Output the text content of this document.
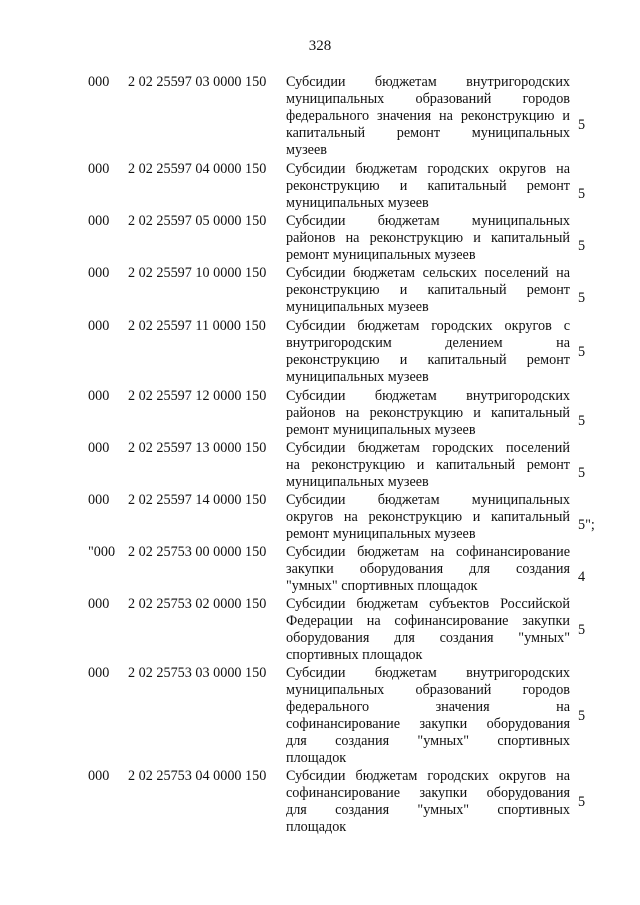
328
000 2 02 25597 03 0000 150 Субсидии бюджетам внутригородских
муниципальных образований городов
федерального значения на реконструкцию и
капитальный ремонт муниципальных
музеев
5
000 2 02 25597 04 0000 150 Субсидии бюджетам городских округов на
реконструкцию и капитальный ремонт
муниципальных музеев
5
000 2 02 25597 05 0000 150 Субсидии бюджетам муниципальных
районов на реконструкцию и капитальный
ремонт муниципальных музеев
5
000 2 02 25597 10 0000 150 Субсидии бюджетам сельских поселений на
реконструкцию и капитальный ремонт
муниципальных музеев
5
000 2 02 25597 11 0000 150 Субсидии бюджетам городских округов с
внутригородским делением на
реконструкцию и капитальный ремонт
муниципальных музеев
5
000 2 02 25597 12 0000 150 Субсидии бюджетам внутригородских
районов на реконструкцию и капитальный
ремонт муниципальных музеев
5
000 2 02 25597 13 0000 150 Субсидии бюджетам городских поселений
на реконструкцию и капитальный ремонт
муниципальных музеев
5
000 2 02 25597 14 0000 150 Субсидии бюджетам муниципальных
округов на реконструкцию и капитальный
ремонт муниципальных музеев
5";
"000 2 02 25753 00 0000 150 Субсидии бюджетам на софинансирование
закупки оборудования для создания
"умных" спортивных площадок
4
000 2 02 25753 02 0000 150 Субсидии бюджетам субъектов Российской
Федерации на софинансирование закупки
оборудования для создания "умных"
спортивных площадок
5
000 2 02 25753 03 0000 150 Субсидии бюджетам внутригородских
муниципальных образований городов
федерального значения на
софинансирование закупки оборудования
для создания "умных" спортивных
площадок
5
000 2 02 25753 04 0000 150 Субсидии бюджетам городских округов на
софинансирование закупки оборудования
для создания "умных" спортивных
площадок
5
